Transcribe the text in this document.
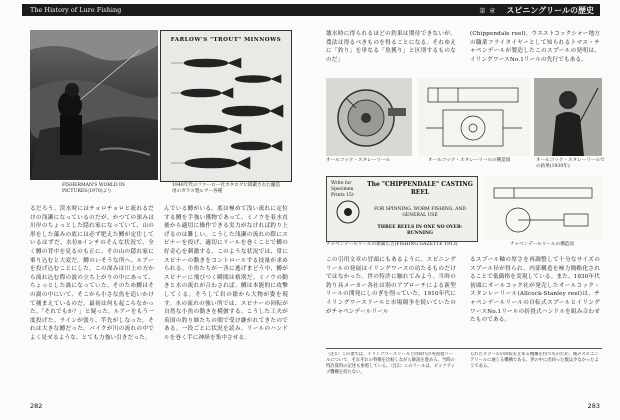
The History of Lure Fishing
FISHERMAN'S WORLD IN PICTURES(1970)より
FARLOW'S "TROUT" MINNOWS
1940年代のファーロー社カタログに掲載された醸造用のガラス製ルアー各種
るだろう。渓水時にはチョロチョロと流れるだけの浅瀬になっているのだが、かつての深みは川岸のちょっとした隠れ家になっていて、山の形をした藻みの底には必ず肥えた鱒が定住しているはずだ。水位6インチのそんな状況で、全く鱒の背中を見るのも正に、その山の隠れ家に乗り込むと大変だ。鱒のいそうな所へ、ルアーを投げ込むことにした。この深みは川上の方から流れ込む際の波の立ち上がりの中にあって、ちょっとした渦になっていた。そのため鱒はその渦の中にいて、そこから小さな魚を追いかけて捕まえているのだ。最初は何も起こらなかった。「それでもか？」と疑った。ルアーをもう一度投げた。ラインが張り、竿先がしなった。それは大きな鱒だった。パイクが川の流れの中でよく見せるような、とても力強い引きだった。
んでいる鱒がいる。底は極めて浅い流れに定位する鱒を手強い獲物であって、ミノウを着水直後から適切に操作できる実力がなければ釣り上げるのは難しい。こうした浅瀬の流れの際にスピナーを投げ、適切にリールを巻くことで鱒の好奇心を刺激する。このような状況では、常にスピナーの動きをコントロールする技量が求められる。小魚たちが一斉に逃げまどう中、鱒がスピナーに飛びつく瞬間は格別だ。ミノウの動きと水の流れが合わされば、鱒は本能的に攻撃してくる。そうして岩の陰から大物が姿を現す。水の流れの強い所では、スピナーの回転が自然な小魚の動きを模倣する。こうした工夫が英国の釣り師たちの間で受け継がれてきたのである。一投ごとに状況を読み、リールのハンドルを巻く手に神経を集中させる。
282
第 章 スピニングリールの歴史
壊水時に得られるほどの釣果は期待できないが、農法は得るべきものを得ることになる。それゆえに「釣り」を単なる「魚獲り」と区別するものなのだ」
(Chippendale reel)、ウエストコックシャー地方の職業フライタイヤーとして知られるトマス・チャペンデールが製造したこのスプールの発明は、イリングワースNo.1リールの先行でもある。
オールコック・スタレーリール	オールコック・スタレーリールの構造図	オールコック・スタレーリールでの釣果(1930年)
Write for Specimen Prints 15/-
The "CHIPPENDALE" CASTING REEL
FOR SPINNING, WORM FISHING, AND GENERAL USE
THREE REELS IN ONE NO OVER-RUNNING
チャペンデールリールの新聞広告(FISHING GAZETTE 1913)	チャペンデールリールの構造図
この引用文章の冒頭にもあるように、スピニングリールの発展はイリングワースの功たるものだけではなかった。世の特許に触れてみよう。当時の釣り具メーカー各社は別のアプローチによる新型リールの開発にしのぎを削っていた。1910年代にイリングワースリールと市場競争を続いていたのがチャペンデールリール
るスプール軸の厚さを再調整して十分なサイズのスプール径が得られ、内部構造を極力簡略化されることで低価格を実現している。また、1930年代初頭にオールコック社が発売したオールコック・スタンレーリール(Allcock-Stanley reel)は、チャペンデールリールの自転式スプールとイリングワースNo.1リールの折畳式ハンドルを組み合わせたものである。
〈注1〉この項では、イリングワースリールと同時代の英国製リールについて、それぞれの特徴を比較しながら解説を進める。当時の特許資料の記述も参照している。〈注2〉このリールは、ピックアップ機構を持たない。
られたスプールの回転を止める機構を持つものだが、後のスピニングリールに通じる機構である。世の中に出回った数は少なかったようである。
283
